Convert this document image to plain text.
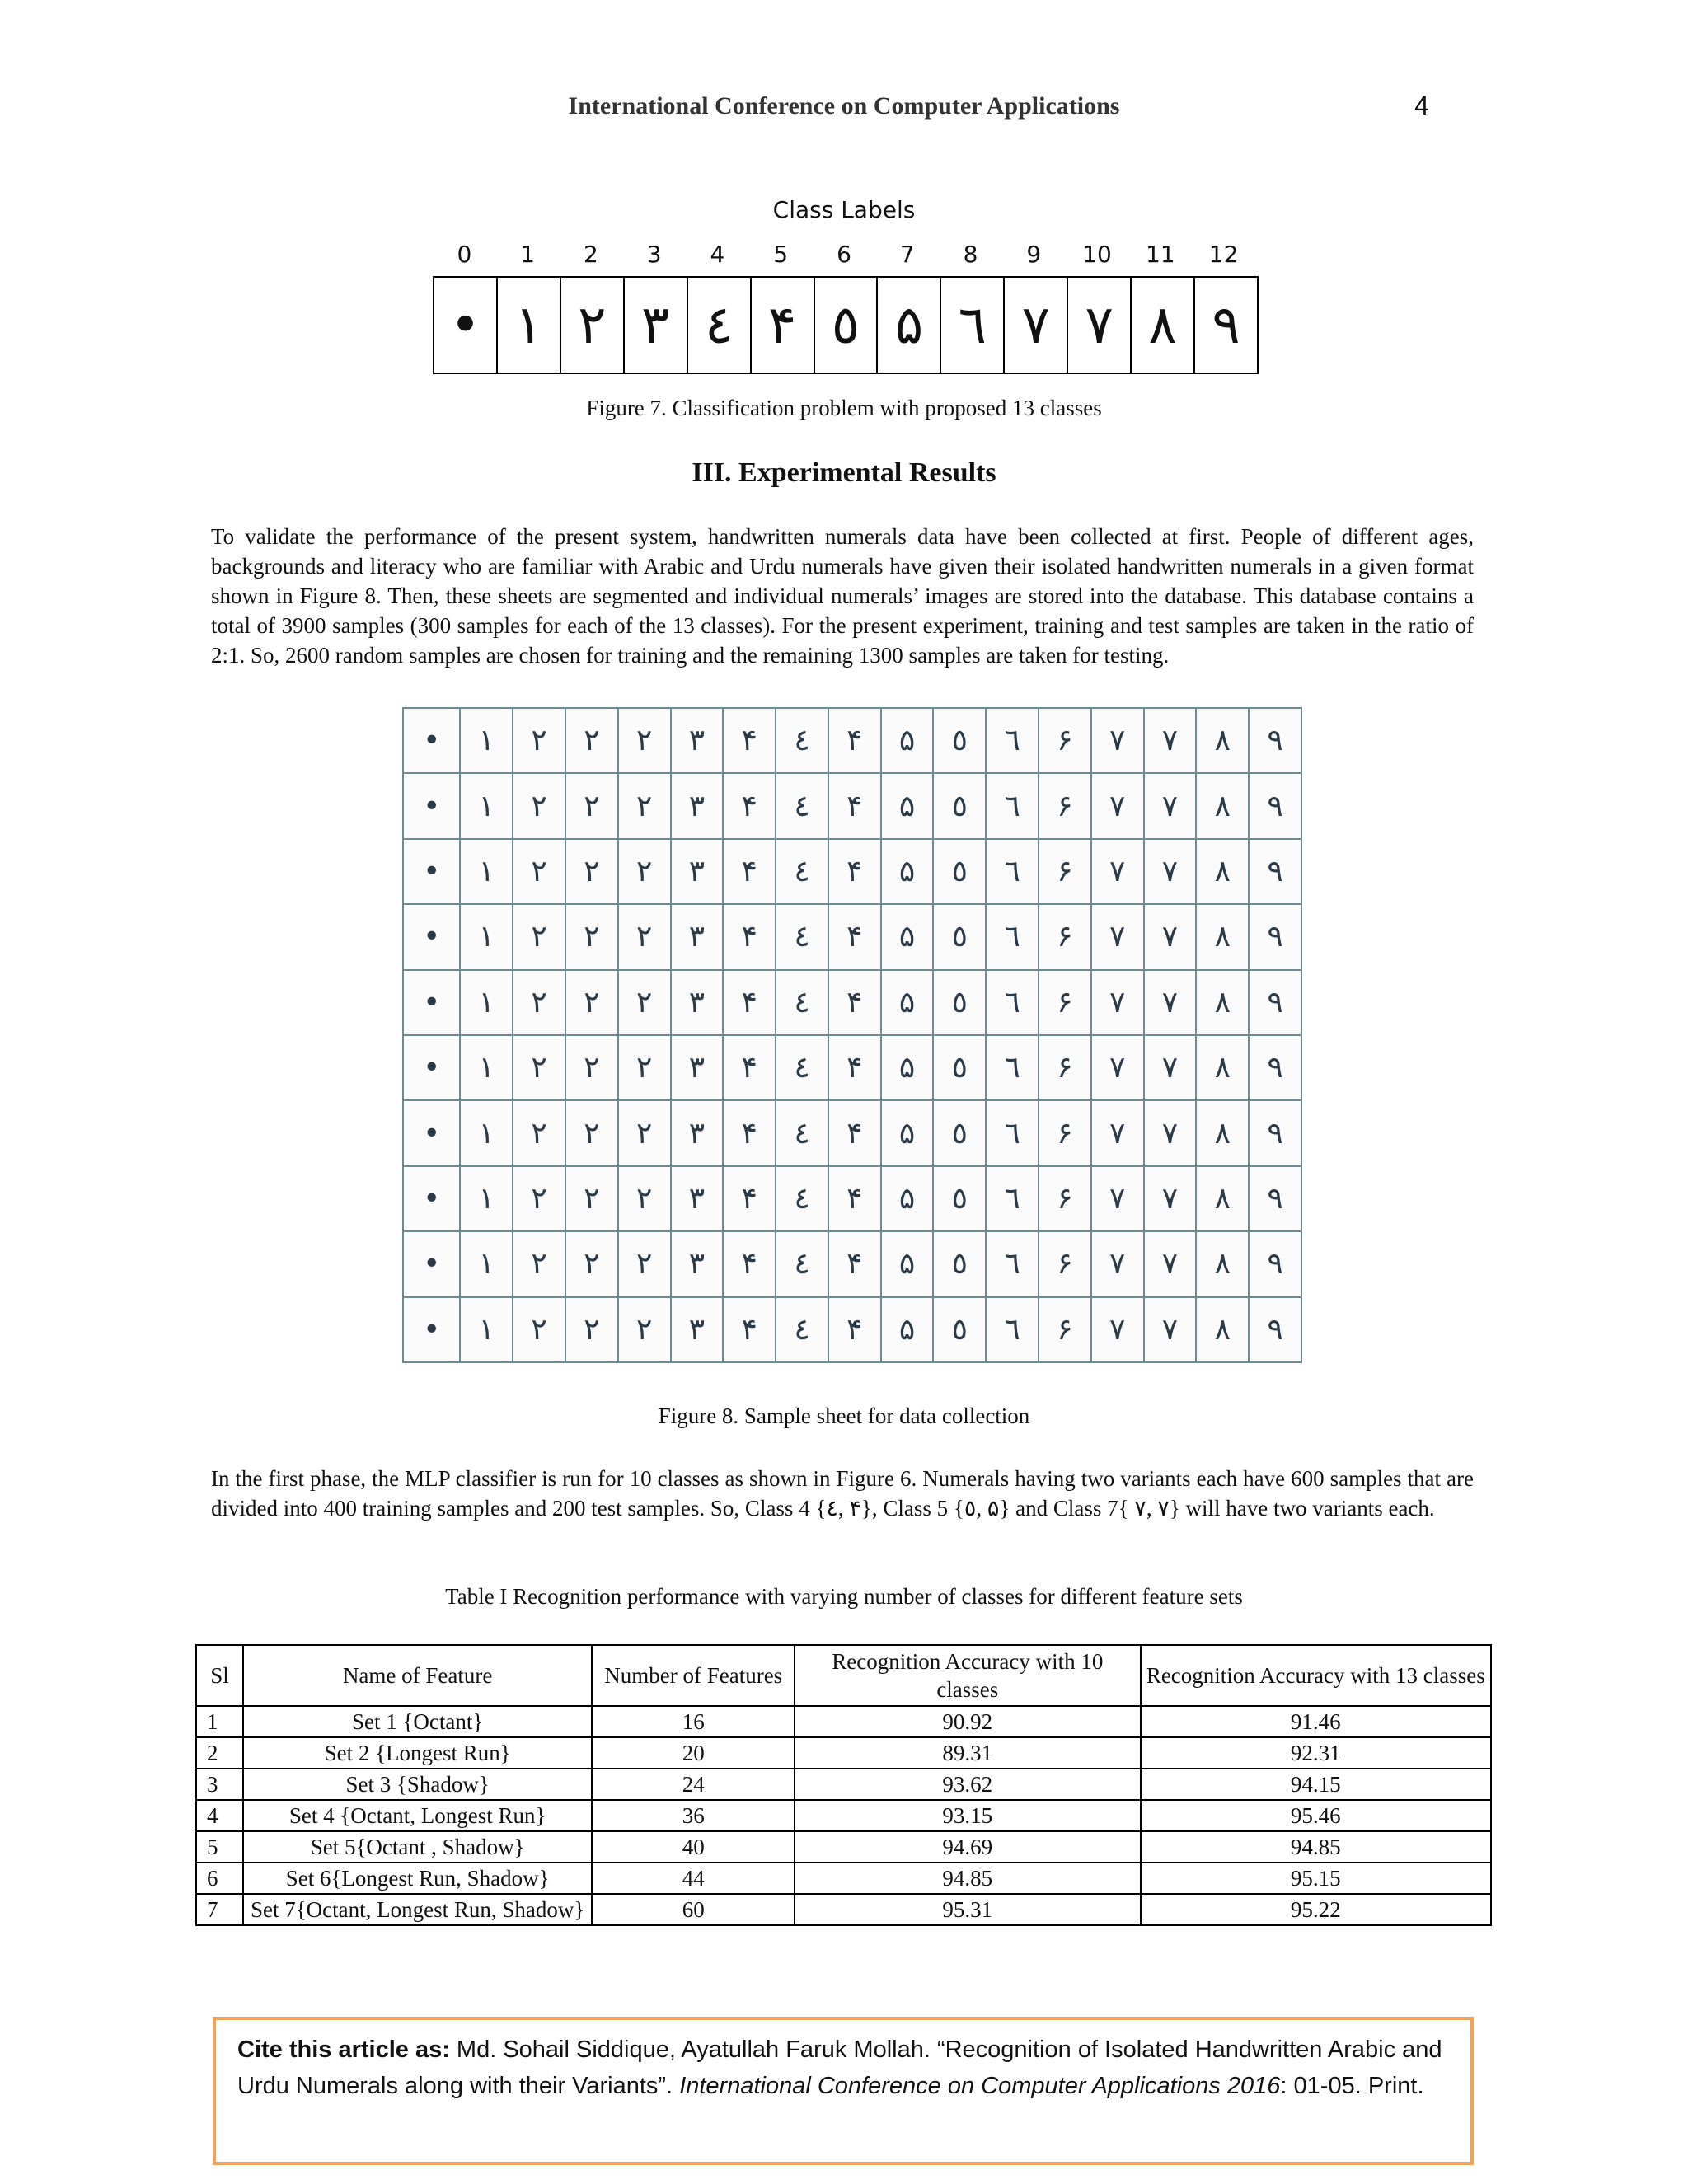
International Conference on Computer Applications	4
Class Labels
0	1	2	3	4	5	6	7	8	9	10	11	12
• ١ ٢ ٣ ٤ ۴ ٥ ۵ ٦ ٧ ۷ ٨ ٩
Figure 7. Classification problem with proposed 13 classes
III. Experimental Results
To validate the performance of the present system, handwritten numerals data have been collected at first. People of different ages, backgrounds and literacy who are familiar with Arabic and Urdu numerals have given their isolated handwritten numerals in a given format shown in Figure 8. Then, these sheets are segmented and individual numerals’ images are stored into the database. This database contains a total of 3900 samples (300 samples for each of the 13 classes). For the present experiment, training and test samples are taken in the ratio of 2:1. So, 2600 random samples are chosen for training and the remaining 1300 samples are taken for testing.
•	١	٢	۲	۲	٣	۴	٤	۴	۵	٥	٦	۶	۷	٧	٨	٩
•	١	٢	۲	۲	٣	۴	٤	۴	۵	٥	٦	۶	۷	٧	٨	٩
•	١	٢	۲	۲	٣	۴	٤	۴	۵	٥	٦	۶	۷	٧	٨	٩
•	١	٢	۲	۲	٣	۴	٤	۴	۵	٥	٦	۶	۷	٧	٨	٩
•	١	٢	۲	۲	٣	۴	٤	۴	۵	٥	٦	۶	۷	٧	٨	٩
•	١	٢	۲	۲	٣	۴	٤	۴	۵	٥	٦	۶	۷	٧	٨	٩
•	١	٢	۲	۲	٣	۴	٤	۴	۵	٥	٦	۶	۷	٧	٨	٩
•	١	٢	۲	۲	٣	۴	٤	۴	۵	٥	٦	۶	۷	٧	٨	٩
•	١	٢	۲	۲	٣	۴	٤	۴	۵	٥	٦	۶	۷	٧	٨	٩
•	١	٢	۲	۲	٣	۴	٤	۴	۵	٥	٦	۶	۷	٧	٨	٩
Figure 8. Sample sheet for data collection
In the first phase, the MLP classifier is run for 10 classes as shown in Figure 6. Numerals having two variants each have 600 samples that are divided into 400 training samples and 200 test samples. So, Class 4 {٤, ۴}, Class 5 {٥, ۵} and Class 7{ ٧, ۷} will have two variants each.
Table I Recognition performance with varying number of classes for different feature sets
Sl	Name of Feature	Number of Features	Recognition Accuracy with 10 classes	Recognition Accuracy with 13 classes
1	Set 1 {Octant}	16	90.92	91.46
2	Set 2 {Longest Run}	20	89.31	92.31
3	Set 3 {Shadow}	24	93.62	94.15
4	Set 4 {Octant, Longest Run}	36	93.15	95.46
5	Set 5{Octant , Shadow}	40	94.69	94.85
6	Set 6{Longest Run, Shadow}	44	94.85	95.15
7	Set 7{Octant, Longest Run, Shadow}	60	95.31	95.22
Cite this article as: Md. Sohail Siddique, Ayatullah Faruk Mollah. “Recognition of Isolated Handwritten Arabic and Urdu Numerals along with their Variants”. International Conference on Computer Applications 2016: 01-05. Print.
